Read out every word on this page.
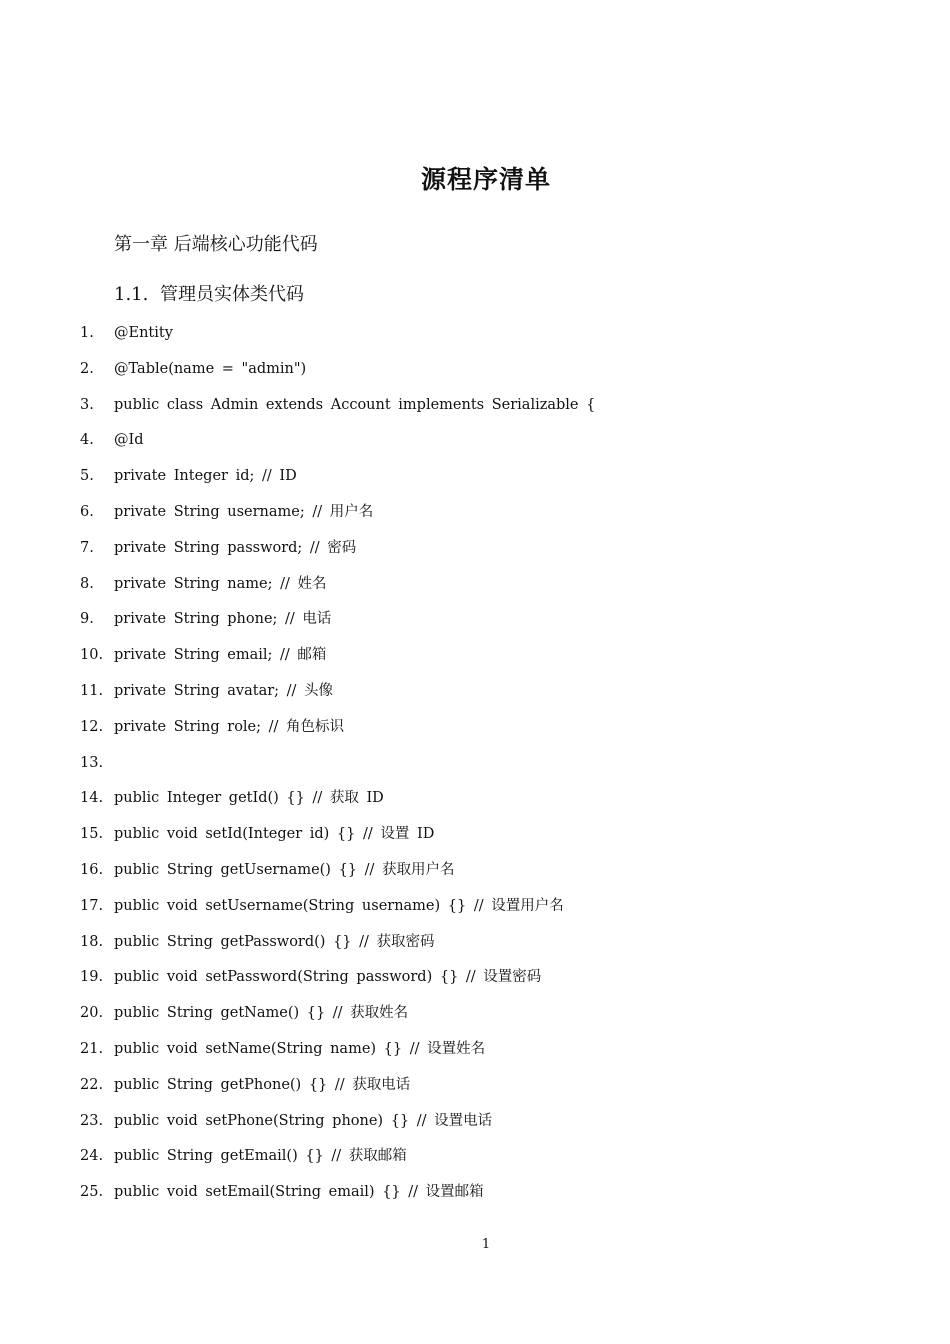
源程序清单
第一章 后端核心功能代码
1.1. 管理员实体类代码
1.	@Entity
2.	@Table(name = "admin")
3.	public class Admin extends Account implements Serializable {
4.	@Id
5.	private Integer id; // ID
6.	private String username; // 用户名
7.	private String password; // 密码
8.	private String name; // 姓名
9.	private String phone; // 电话
10. private String email; // 邮箱
11. private String avatar; // 头像
12. private String role; // 角色标识
13.
14. public Integer getId() {} // 获取 ID
15. public void setId(Integer id) {} // 设置 ID
16. public String getUsername() {} // 获取用户名
17. public void setUsername(String username) {} // 设置用户名
18. public String getPassword() {} // 获取密码
19. public void setPassword(String password) {} // 设置密码
20. public String getName() {} // 获取姓名
21. public void setName(String name) {} // 设置姓名
22. public String getPhone() {} // 获取电话
23. public void setPhone(String phone) {} // 设置电话
24. public String getEmail() {} // 获取邮箱
25. public void setEmail(String email) {} // 设置邮箱
1
